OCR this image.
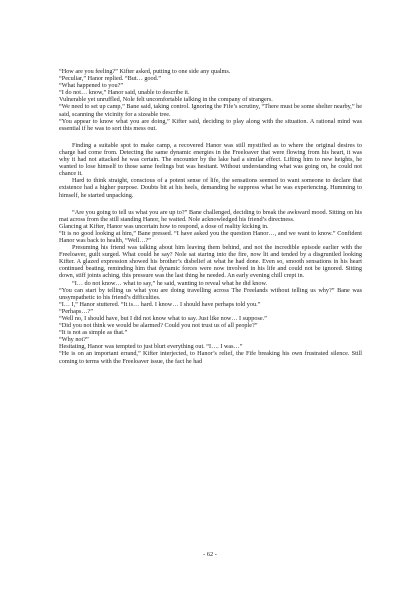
“How are you feeling?” Kifter asked, putting to one side any qualms.

“Peculiar,” Hanor replied. “But… good.”

“What happened to you?”

“I do not… know,” Hanor said, unable to describe it.

Vulnerable yet unruffled, Nole felt uncomfortable talking in the company of strangers.

“We need to set up camp,” Bane said, taking control. Ignoring the Fife’s scrutiny, “There must be some shelter nearby,” he said, scanning the vicinity for a sizeable tree.

“You appear to know what you are doing,” Kifter said, deciding to play along with the situation. A rational mind was essential if he was to sort this mess out.

Finding a suitable spot to make camp, a recovered Hanor was still mystified as to where the original desires to charge had come from. Detecting the same dynamic energies in the Freeloaver that were flowing from his heart, it was why it had not attacked he was certain. The encounter by the lake had a similar effect. Lifting him to new heights, he wanted to lose himself to those same feelings but was hesitant. Without understanding what was going on, he could not chance it.

Hard to think straight, conscious of a potent sense of life, the sensations seemed to want someone to declare that existence had a higher purpose. Doubts bit at his heels, demanding he suppress what he was experiencing. Humming to himself, he started unpacking.

“Are you going to tell us what you are up to?” Bane challenged, deciding to break the awkward mood. Sitting on his mat across from the still standing Hanor, he waited. Nole acknowledged his friend’s directness.

Glancing at Kifter, Hanor was uncertain how to respond, a dose of reality kicking in.

“It is no good looking at him,” Bane pressed. “I have asked you the question Hanor…, and we want to know.” Confident Hanor was back to health, “Well…?”

Presuming his friend was talking about him leaving them behind, and not the incredible episode earlier with the Freeloaver, guilt surged. What could he say? Nole sat staring into the fire, now lit and tended by a disgruntled looking Kifter. A glazed expression showed his brother’s disbelief at what he had done. Even so, smooth sensations in his heart continued beating, reminding him that dynamic forces were now involved in his life and could not be ignored. Sitting down, stiff joints aching, this pressure was the last thing he needed. An early evening chill crept in.

“I… do not know… what to say,” he said, wanting to reveal what he did know.

“You can start by telling us what you are doing travelling across The Freelands without telling us why?” Bane was unsympathetic to his friend’s difficulties.

“I… I,” Hanor stuttered. “It is… hard. I know… I should have perhaps told you.”

“Perhaps…?”

“Well no, I should have, but I did not know what to say. Just like now… I suppose.”

“Did you not think we would be alarmed? Could you not trust us of all people?”

“It is not as simple as that.”

“Why not?”

Hesitating, Hanor was tempted to just blurt everything out. “I…. I was…”

“He is on an important errand,” Kifter interjected, to Hanor’s relief, the Fife breaking his own frustrated silence. Still coming to terms with the Freeloaver issue, the fact he had

- 62 -
